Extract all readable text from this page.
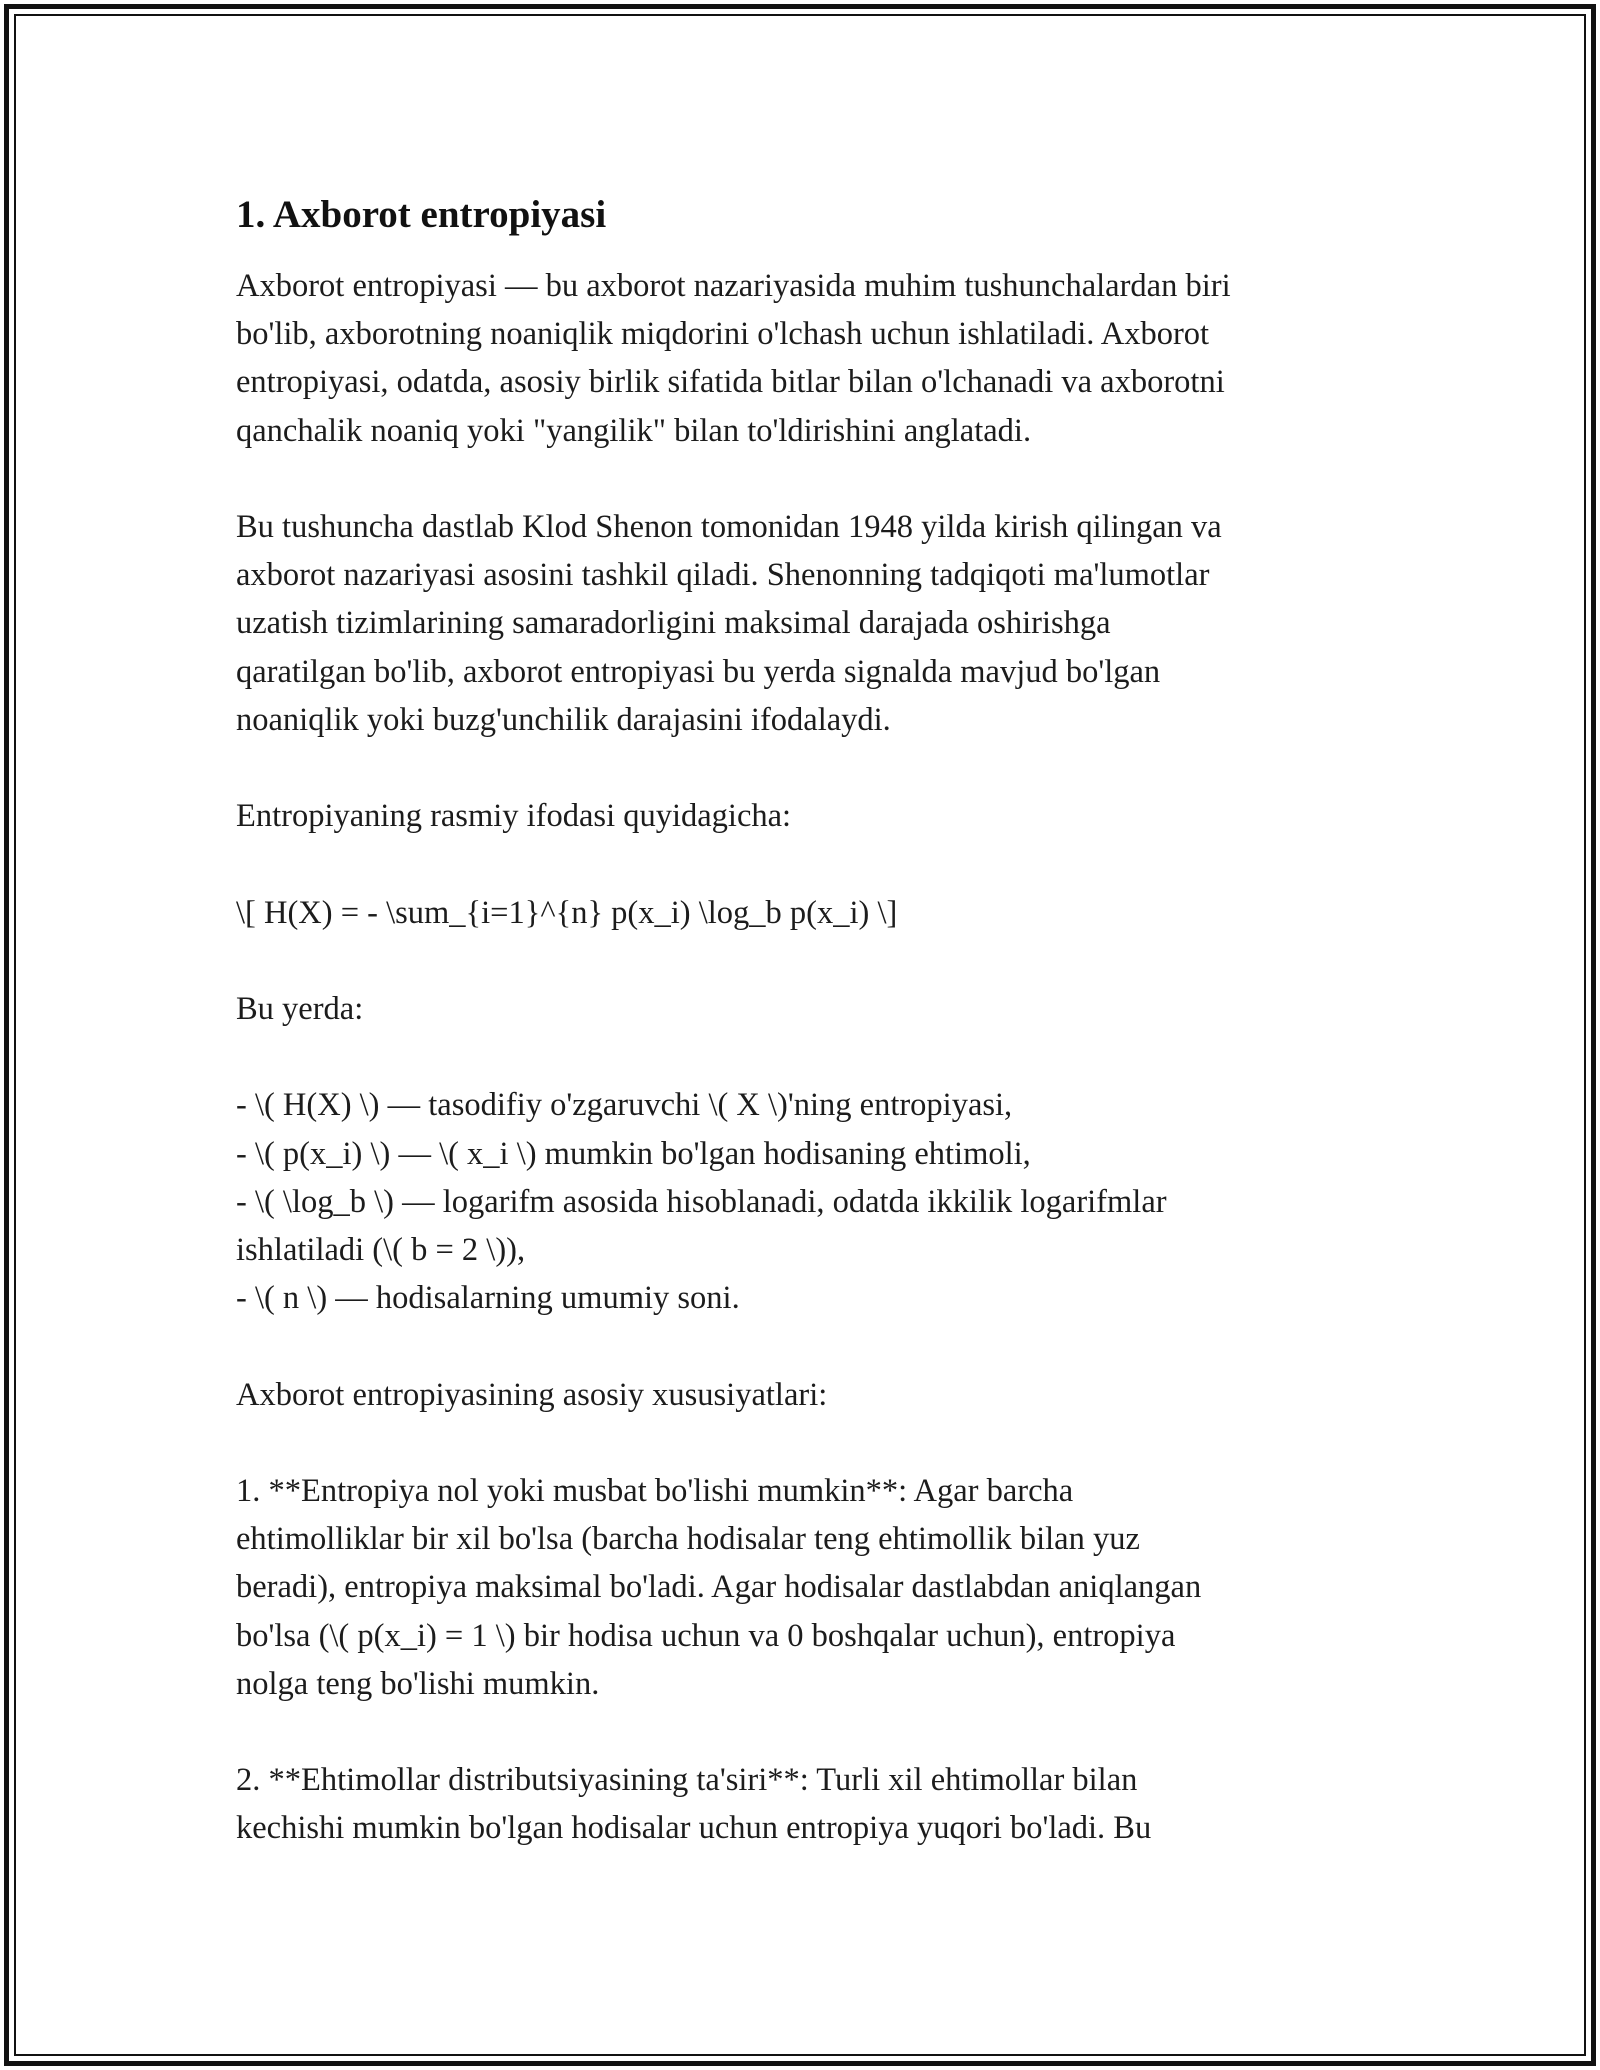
1. Axborot entropiyasi

Axborot entropiyasi — bu axborot nazariyasida muhim tushunchalardan biri
bo'lib, axborotning noaniqlik miqdorini o'lchash uchun ishlatiladi. Axborot
entropiyasi, odatda, asosiy birlik sifatida bitlar bilan o'lchanadi va axborotni
qanchalik noaniq yoki "yangilik" bilan to'ldirishini anglatadi.

Bu tushuncha dastlab Klod Shenon tomonidan 1948 yilda kirish qilingan va
axborot nazariyasi asosini tashkil qiladi. Shenonning tadqiqoti ma'lumotlar
uzatish tizimlarining samaradorligini maksimal darajada oshirishga
qaratilgan bo'lib, axborot entropiyasi bu yerda signalda mavjud bo'lgan
noaniqlik yoki buzg'unchilik darajasini ifodalaydi.

Entropiyaning rasmiy ifodasi quyidagicha:

\[ H(X) = - \sum_{i=1}^{n} p(x_i) \log_b p(x_i) \]

Bu yerda:

- \( H(X) \) — tasodifiy o'zgaruvchi \( X \)'ning entropiyasi,
- \( p(x_i) \) — \( x_i \) mumkin bo'lgan hodisaning ehtimoli,
- \( \log_b \) — logarifm asosida hisoblanadi, odatda ikkilik logarifmlar
ishlatiladi (\( b = 2 \)),
- \( n \) — hodisalarning umumiy soni.

Axborot entropiyasining asosiy xususiyatlari:

1. **Entropiya nol yoki musbat bo'lishi mumkin**: Agar barcha
ehtimolliklar bir xil bo'lsa (barcha hodisalar teng ehtimollik bilan yuz
beradi), entropiya maksimal bo'ladi. Agar hodisalar dastlabdan aniqlangan
bo'lsa (\( p(x_i) = 1 \) bir hodisa uchun va 0 boshqalar uchun), entropiya
nolga teng bo'lishi mumkin.

2. **Ehtimollar distributsiyasining ta'siri**: Turli xil ehtimollar bilan
kechishi mumkin bo'lgan hodisalar uchun entropiya yuqori bo'ladi. Bu
